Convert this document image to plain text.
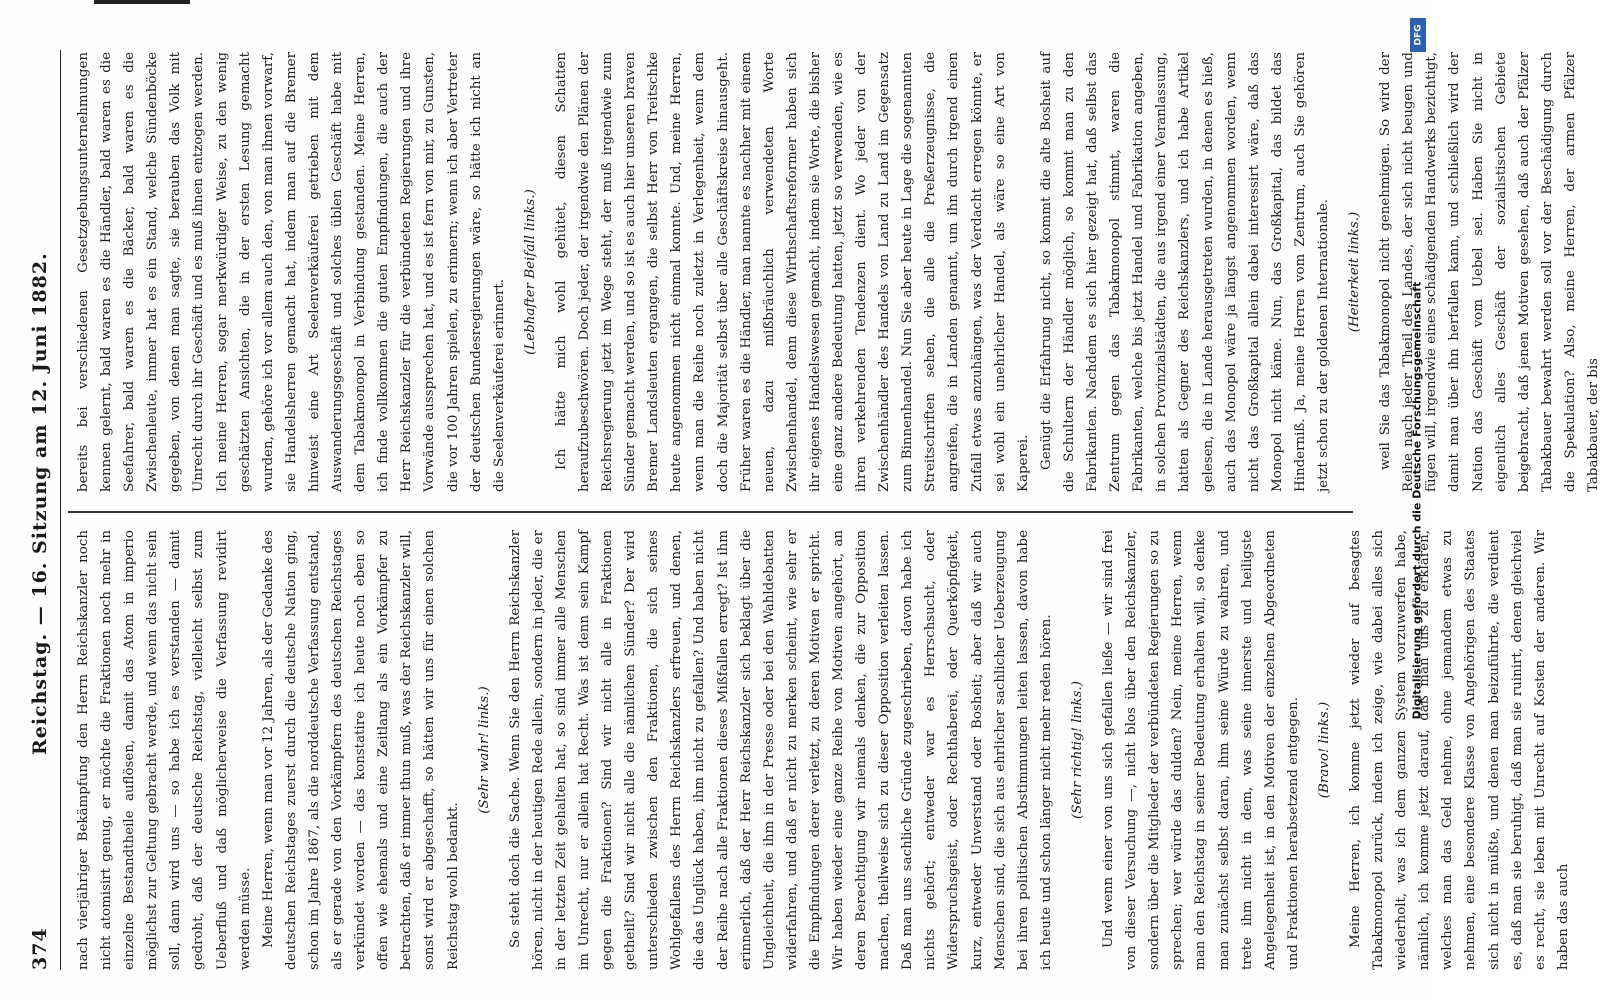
374
Reichstag. — 16. Sitzung am 12. Juni 1882. nach vierjähriger Bekämpfung den Herrn Reichskanzler noch nicht atomisirt genug, er möchte die Fraktionen noch mehr in einzelne Bestandtheile auflösen, damit das Atom in imperio möglichst zur Geltung gebracht werde, und wenn das nicht sein soll, dann wird uns — so habe ich es verstanden — damit gedroht, daß der deutsche Reichstag, vielleicht selbst zum Ueberfluß und daß möglicherweise die Verfassung revidirt werden müsse. Meine Herren, wenn man vor 12 Jahren, als der Gedanke des deutschen Reichstages zuerst durch die deutsche Nation ging, schon im Jahre 1867, als die norddeutsche Verfassung entstand, als er gerade von den Vorkämpfern des deutschen Reichstages verkündet worden — das konstatire ich heute noch eben so offen wie ehemals und eine Zeitlang als ein Vorkämpfer zu betrachten, daß er immer thun muß, was der Reichskanzler will, sonst wird er abgeschafft, so hätten wir uns für einen solchen Reichstag wohl bedankt.

(Sehr wahr! links.)	So steht doch die Sache. Wenn Sie den Herrn Reichskanzler hören, nicht in der heutigen Rede allein, sondern in jeder, die er in der letzten Zeit gehalten hat, so sind immer alle Menschen im Unrecht, nur er allein hat Recht. Was ist denn sein Kampf gegen die Fraktionen? Sind wir nicht alle in Fraktionen getheilt? Sind wir nicht alle die nämlichen Sünder? Der wird unterschieden zwischen den Fraktionen, die sich seines Wohlgefallens des Herrn Reichskanzlers erfreuen, und denen, die das Unglück haben, ihm nicht zu gefallen? Und haben nicht der Reihe nach alle Fraktionen dieses Mißfallen erregt? Ist ihm erinnerlich, daß der Herr Reichskanzler sich beklagt über die Ungleichheit, die ihm in der Presse oder bei den Wahldebatten widerfahren, und daß er nicht zu merken scheint, wie sehr er die Empfindungen derer verletzt, zu deren Motiven er spricht. Wir haben wieder eine ganze Reihe von Motiven angehört, an deren Berechtigung wir niemals denken, die zur Opposition machen, theilweise sich zu dieser Opposition verleiten lassen. Daß man uns sachliche Gründe zugeschrieben, davon habe ich nichts gehört; entweder war es Herrschsucht, oder Widerspruchsgeist, oder Rechthaberei, oder Querköpfigkeit, kurz, entweder Unverstand oder Bosheit; aber daß wir auch Menschen sind, die sich aus ehrlicher sachlicher Ueberzeugung bei ihren politischen Abstimmungen leiten lassen, davon habe ich heute und schon länger nicht mehr reden hören.	(Sehr richtig! links.)	Und wenn einer von uns sich gefallen ließe — wir sind frei von dieser Versuchung —, nicht blos über den Reichskanzler, sondern über die Mitglieder der verbündeten Regierungen so zu sprechen; wer würde das dulden? Nein, meine Herren, wenn man den Reichstag in seiner Bedeutung erhalten will, so denke man zunächst selbst daran, ihm seine Würde zu wahren, und trete ihm nicht in dem, was seine innerste und heiligste Angelegenheit ist, in den Motiven der einzelnen Abgeordneten und Fraktionen herabsetzend entgegen.	(Bravo! links.)	Meine Herren, ich komme jetzt wieder auf besagtes Tabakmonopol zurück, indem ich zeige, wie dabei alles sich wiederholt, was ich dem ganzen System vorzuwerfen habe, nämlich, ich komme jetzt darauf, daß man uns zu erklären, welches man das Geld nehme, ohne jemandem etwas zu nehmen, eine besondere Klasse von Angehörigen des Staates sich nicht in müßte, und denen man beizuführte, die verdient es, daß man sie beruhigt, daß man sie ruinirt, denen gleichviel es recht, sie leben mit Unrecht auf Kosten der anderen. Wir haben das auch

bereits bei verschiedenen Gesetzgebungsunternehmungen kennen gelernt, bald waren es die Händler, bald waren es die Seefahrer, bald waren es die Bäcker, bald waren es die Zwischenleute, immer hat es ein Stand, welche Sündenböcke gegeben, von denen man sagte, sie berauben das Volk mit Unrecht durch ihr Geschäft und es muß ihnen entzogen werden. Ich meine Herren, sogar merkwürdiger Weise, zu den wenig geschätzten Ansichten, die in der ersten Lesung gemacht wurden, gehöre ich vor allem auch den, von man ihnen vorwarf, sie Handelsherren gemacht hat, indem man auf die Bremer hinweist eine Art Seelenverkäuferei getrieben mit dem Auswanderungsgeschäft und solches üblen Geschäft habe mit dem Tabakmonopol in Verbindung gestanden. Meine Herren, ich finde vollkommen die guten Empfindungen, die auch der Herr Reichskanzler für die verbündeten Regierungen und ihre Vorwände aussprechen hat, und es ist fern von mir, zu Gunsten, die vor 100 Jahren spielen, zu erinnern; wenn ich aber Vertreter der deutschen Bundesregierungen wäre, so hätte ich nicht an die Seelenverkäuferei erinnert.

(Lebhafter Beifall links.)	Ich hätte mich wohl gehütet, diesen Schatten heraufzubeschwören. Doch jeder, der irgendwie den Plänen der Reichsregierung jetzt im Wege steht, der muß irgendwie zum Sünder gemacht werden, und so ist es auch hier unseren braven Bremer Landsleuten ergangen, die selbst Herr von Treitschke heute angenommen nicht einmal konnte. Und, meine Herren, wenn man die Reihe noch zuletzt in Verlegenheit, wenn dem doch die Majorität selbst über alle Geschäftskreise hinausgeht. Früher waren es die Händler, man nannte es nachher mit einem neuen, dazu mißbräuchlich verwendeten Worte Zwischenhandel, denn diese Wirthschaftsreformer haben sich ihr eigenes Handelswesen gemacht, indem sie Worte, die bisher eine ganz andere Bedeutung hatten, jetzt so verwenden, wie es ihren verkehrenden Tendenzen dient. Wo jeder von der Zwischenhändler des Handels von Land zu Land im Gegensatz zum Binnenhandel. Nun Sie aber heute in Lage die sogenannten Streitschriften sehen, die alle die Preßerzeugnisse, die angreifen, die in Landen genannt, um ihn durch irgend einen Zufall etwas anzuhängen, was der Verdacht erregen könnte, er sei wohl ein unehrlicher Handel, als wäre so eine Art von Kaperei. Genügt die Erfahrung nicht, so kommt die alte Bosheit auf die Schultern der Händler möglich, so kommt man zu den Fabrikanten. Nachdem es sich hier gezeigt hat, daß selbst das Zentrum gegen das Tabakmonopol stimmt, waren die Fabrikanten, welche bis jetzt Handel und Fabrikation angeben, in solchen Provinzialstädten, die aus irgend einer Veranlassung, hatten als Gegner des Reichskanzlers, und ich habe Artikel gelesen, die in Lande herausgetreten wurden, in denen es hieß, auch das Monopol wäre ja längst angenommen worden, wenn nicht das Großkapital allein dabei interessirt wäre, daß das Monopol nicht käme. Nun, das Großkapital, das bildet das Hinderniß. Ja, meine Herren vom Zentrum, auch Sie gehören jetzt schon zu der goldenen Internationale.	(Heiterkeit links.)	weil Sie das Tabakmonopol nicht genehmigen. So wird der Reihe nach jeder Theil des Landes, der sich nicht beugen und fügen will, irgendwie eines schädigenden Handwerks bezichtigt, damit man über ihn herfallen kann, und schließlich wird der Nation das Geschäft vom Uebel sei. Haben Sie nicht in eigentlich alles Geschäft der sozialistischen Gebiete beigebracht, daß jenen Motiven gesehen, daß auch der Pfälzer Tabakbauer bewahrt werden soll vor der Beschädigung durch die Spekulation? Also, meine Herren, der armen Pfälzer Tabakbauer, der bis

Digitalisierung gefördert durch die Deutsche Forschungsgemeinschaft
DFG
